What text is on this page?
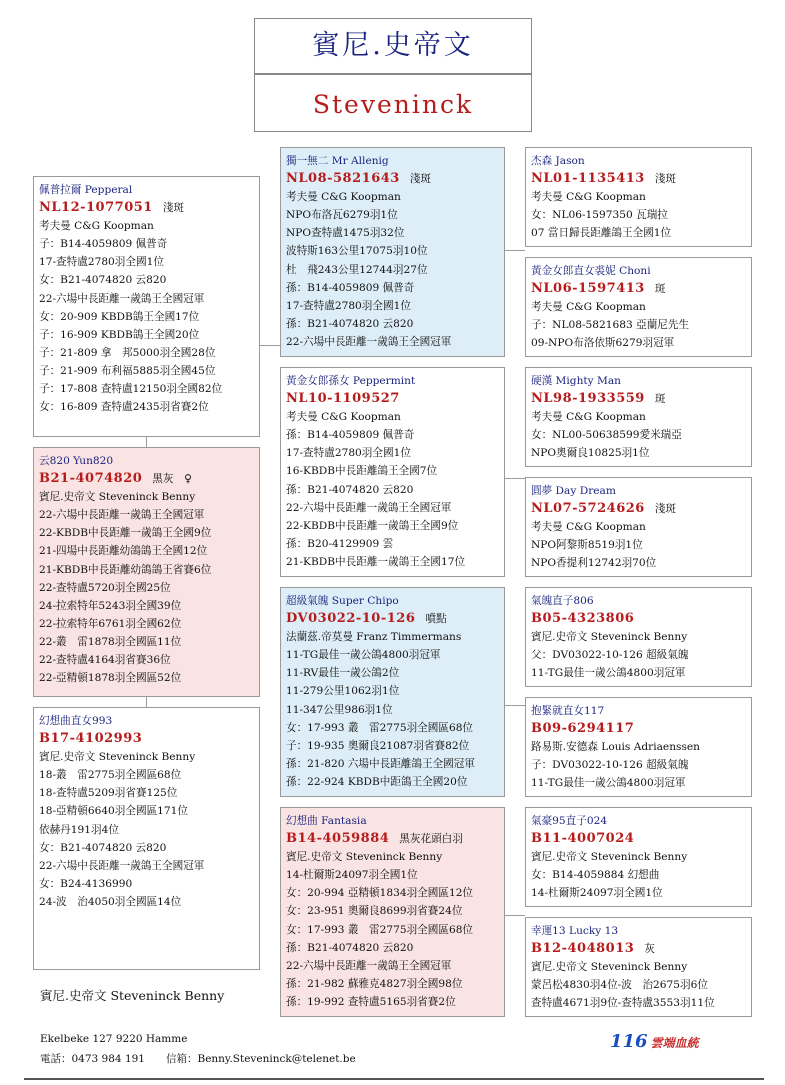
賓尼.史帝文
Steveninck
佩普拉爾 Pepperal
NL12-1077051 淺斑
考夫曼 C&G Koopman
子：B14-4059809 佩普奇
17-查特盧2780羽全國1位
女：B21-4074820 云820
22-六場中長距離一歲鴿王全國冠軍
女：20-909 KBDB鴿王全國17位
子：16-909 KBDB鴿王全國20位
子：21-809 拿　邦5000羽全國28位
子：21-909 布利福5885羽全國45位
子：17-808 查特盧12150羽全國82位
女：16-809 查特盧2435羽省賽2位
云820 Yun820
B21-4074820 黑灰　♀
賓尼.史帝文 Steveninck Benny
22-六場中長距離一歲鴿王全國冠軍
22-KBDB中長距離一歲鴿王全國9位
21-四場中長距離幼鴿鴿王全國12位
21-KBDB中長距離幼鴿鴿王省賽6位
22-查特盧5720羽全國25位
24-拉索特年5243羽全國39位
22-拉索特年6761羽全國62位
22-叢　雷1878羽全國區11位
22-查特盧4164羽省賽36位
22-亞精頓1878羽全國區52位
幻想曲直女993
B17-4102993
賓尼.史帝文 Steveninck Benny
18-叢　雷2775羽全國區68位
18-查特盧5209羽省賽125位
18-亞精頓6640羽全國區171位
依赫丹191羽4位
女：B21-4074820 云820
22-六場中長距離一歲鴿王全國冠軍
女：B24-4136990
24-波　治4050羽全國區14位
獨一無二 Mr Allenig
NL08-5821643 淺斑
考夫曼 C&G Koopman
NPO布洛瓦6279羽1位
NPO查特盧1475羽32位
波特斯163公里17075羽10位
杜　飛243公里12744羽27位
孫：B14-4059809 佩普奇
17-查特盧2780羽全國1位
孫：B21-4074820 云820
22-六場中長距離一歲鴿王全國冠軍
黃金女郎孫女 Peppermint
NL10-1109527
考夫曼 C&G Koopman
孫：B14-4059809 佩普奇
17-查特盧2780羽全國1位
16-KBDB中長距離鴿王全國7位
孫：B21-4074820 云820
22-六場中長距離一歲鴿王全國冠軍
22-KBDB中長距離一歲鴿王全國9位
孫：B20-4129909 雲
21-KBDB中長距離一歲鴿王全國17位
超級氣魄 Super Chipo
DV03022-10-126 噴點
法蘭茲.帝莫曼 Franz Timmermans
11-TG最佳一歲公鴿4800羽冠軍
11-RV最佳一歲公鴿2位
11-279公里1062羽1位
11-347公里986羽1位
女：17-993 叢　雷2775羽全國區68位
子：19-935 奧爾良21087羽省賽82位
孫：21-820 六場中長距離鴿王全國冠軍
孫：22-924 KBDB中距鴿王全國20位
幻想曲 Fantasia
B14-4059884 黑灰花頭白羽
賓尼.史帝文 Steveninck Benny
14-杜爾斯24097羽全國1位
女：20-994 亞精頓1834羽全國區12位
女：23-951 奧爾良8699羽省賽24位
女：17-993 叢　雷2775羽全國區68位
孫：B21-4074820 云820
22-六場中長距離一歲鴿王全國冠軍
孫：21-982 蘇雅克4827羽全國98位
孫：19-992 查特盧5165羽省賽2位
杰森 Jason
NL01-1135413 淺斑
考夫曼 C&G Koopman
女：NL06-1597350 瓦瑞拉
07 當日歸長距離鴿王全國1位
黃金女郎直女裘妮 Choni
NL06-1597413 斑
考夫曼 C&G Koopman
子：NL08-5821683 亞蘭尼先生
09-NPO布洛依斯6279羽冠軍
硬漢 Mighty Man
NL98-1933559 斑
考夫曼 C&G Koopman
女：NL00-50638599愛米瑞亞
NPO奧爾良10825羽1位
圓夢 Day Dream
NL07-5724626 淺斑
考夫曼 C&G Koopman
NPO阿黎斯8519羽1位
NPO香提利12742羽70位
氣魄直子806
B05-4323806
賓尼.史帝文 Steveninck Benny
父：DV03022-10-126 超級氣魄
11-TG最佳一歲公鴿4800羽冠軍
抱緊就直女117
B09-6294117
路易斯.安德森 Louis Adriaenssen
子：DV03022-10-126 超級氣魄
11-TG最佳一歲公鴿4800羽冠軍
氣豪95直子024
B11-4007024
賓尼.史帝文 Steveninck Benny
女：B14-4059884 幻想曲
14-杜爾斯24097羽全國1位
幸運13 Lucky 13
B12-4048013 灰
賓尼.史帝文 Steveninck Benny
蒙呂松4830羽4位-波　治2675羽6位
查特盧4671羽9位-查特盧3553羽11位
賓尼.史帝文 Steveninck Benny
Ekelbeke 127 9220 Hamme
電話：0473 984 191　　信箱：Benny.Steveninck@telenet.be
116 雲端血統
